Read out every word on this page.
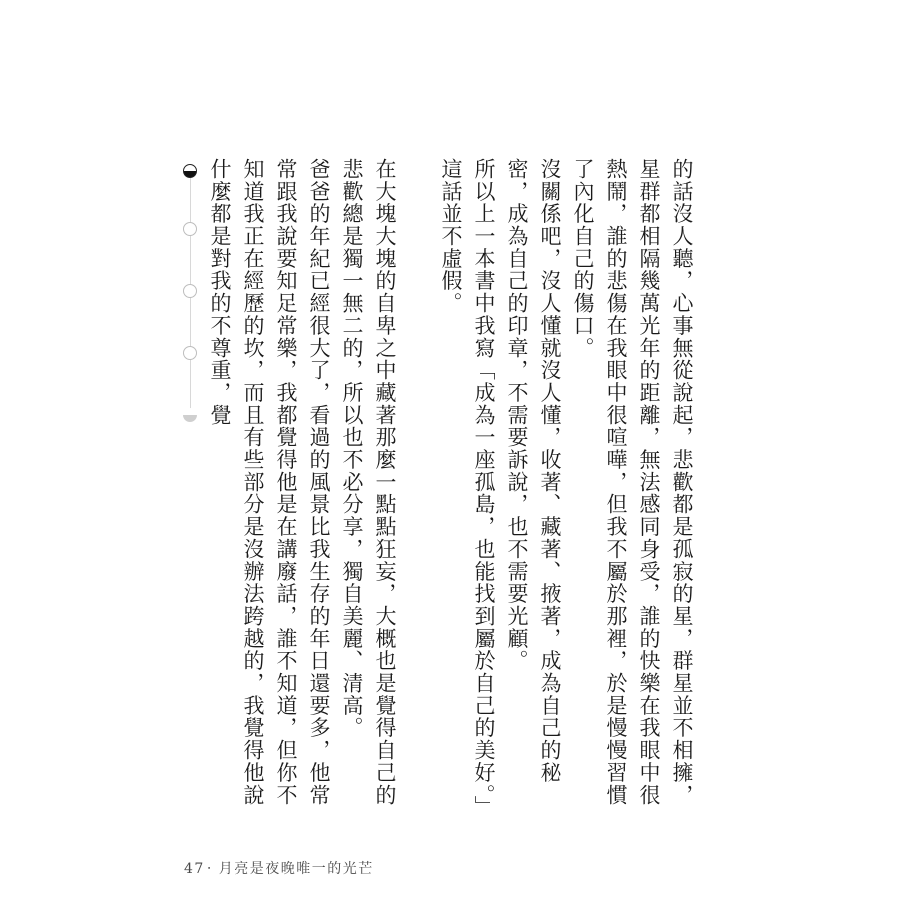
的話沒人聽，心事無從說起，悲歡都是孤寂的星，群星並不相擁，星群都相隔幾萬光年的距離，無法感同身受，誰的快樂在我眼中很熱鬧，誰的悲傷在我眼中很喧嘩，但我不屬於那裡，於是慢慢習慣了內化自己的傷口。

沒關係吧，沒人懂就沒人懂，收著、藏著、掖著，成為自己的秘密，成為自己的印章，不需要訴說，也不需要光顧。

所以上一本書中我寫「成為一座孤島，也能找到屬於自己的美好。」這話並不虛假。

在大塊大塊的自卑之中藏著那麼一點點狂妄，大概也是覺得自己的悲歡總是獨一無二的，所以也不必分享，獨自美麗、清高。

爸爸的年紀已經很大了，看過的風景比我生存的年日還要多，他常常跟我說要知足常樂，我都覺得他是在講廢話，誰不知道，但你不知道我正在經歷的坎，而且有些部分是沒辦法跨越的，我覺得他說什麼都是對我的不尊重，覺

47 ‧ 月亮是夜晚唯一的光芒
